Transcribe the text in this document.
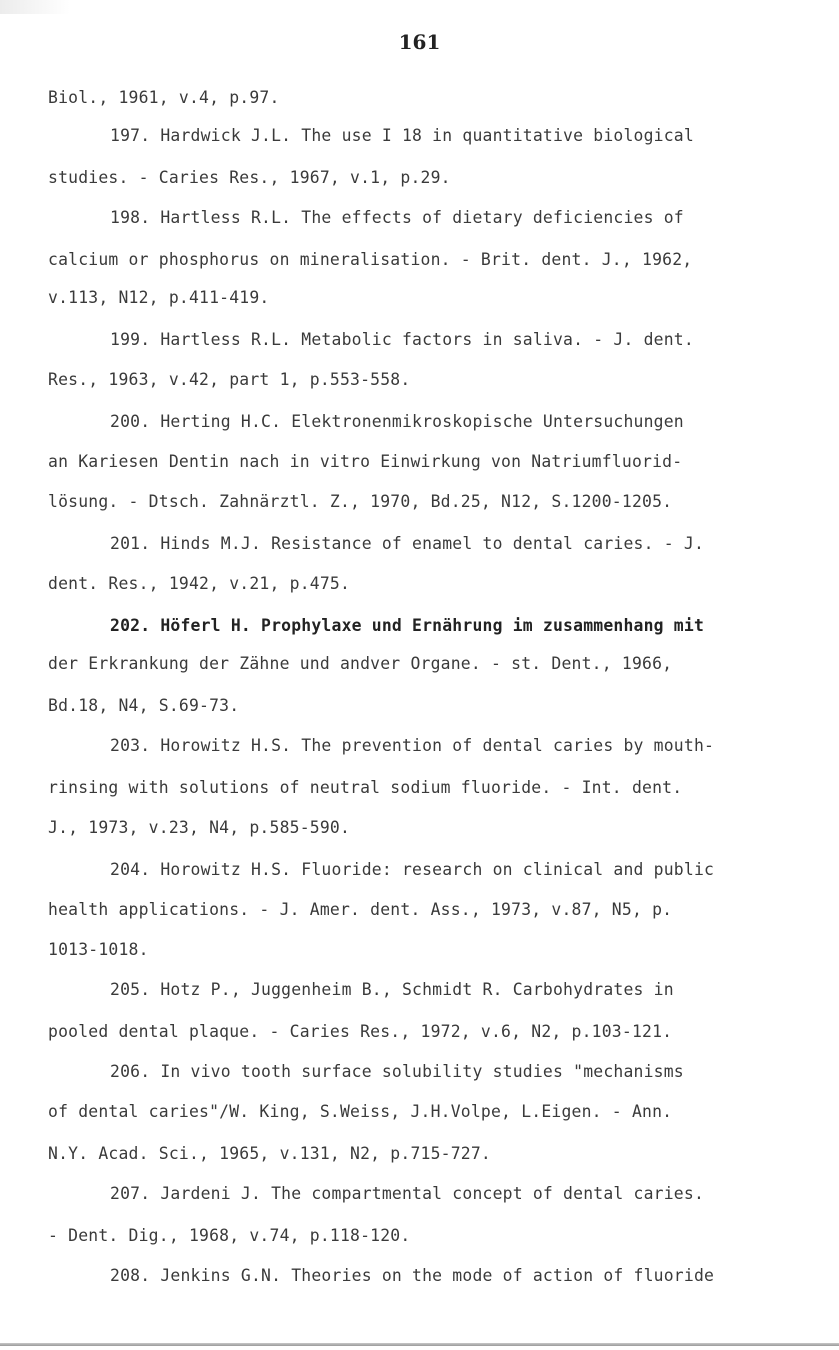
161
Biol., 1961, v.4, p.97.
197. Hardwick J.L. The use I 18 in quantitative biological
studies. - Caries Res., 1967, v.1, p.29.
198. Hartless R.L. The effects of dietary deficiencies of
calcium or phosphorus on mineralisation. - Brit. dent. J., 1962,
v.113, N12, p.411-419.
199. Hartless R.L. Metabolic factors in saliva. - J. dent.
Res., 1963, v.42, part 1, p.553-558.
200. Herting H.C. Elektronenmikroskopische Untersuchungen
an Kariesen Dentin nach in vitro Einwirkung von Natriumfluorid-
lösung. - Dtsch. Zahnärztl. Z., 1970, Bd.25, N12, S.1200-1205.
201. Hinds M.J. Resistance of enamel to dental caries. - J.
dent. Res., 1942, v.21, p.475.
202. Höferl H. Prophylaxe und Ernährung im zusammenhang mit
der Erkrankung der Zähne und andver Organe. - st. Dent., 1966,
Bd.18, N4, S.69-73.
203. Horowitz H.S. The prevention of dental caries by mouth-
rinsing with solutions of neutral sodium fluoride. - Int. dent.
J., 1973, v.23, N4, p.585-590.
204. Horowitz H.S. Fluoride: research on clinical and public
health applications. - J. Amer. dent. Ass., 1973, v.87, N5, p.
1013-1018.
205. Hotz P., Juggenheim B., Schmidt R. Carbohydrates in
pooled dental plaque. - Caries Res., 1972, v.6, N2, p.103-121.
206. In vivo tooth surface solubility studies "mechanisms
of dental caries"/W. King, S.Weiss, J.H.Volpe, L.Eigen. - Ann.
N.Y. Acad. Sci., 1965, v.131, N2, p.715-727.
207. Jardeni J. The compartmental concept of dental caries.
- Dent. Dig., 1968, v.74, p.118-120.
208. Jenkins G.N. Theories on the mode of action of fluoride
